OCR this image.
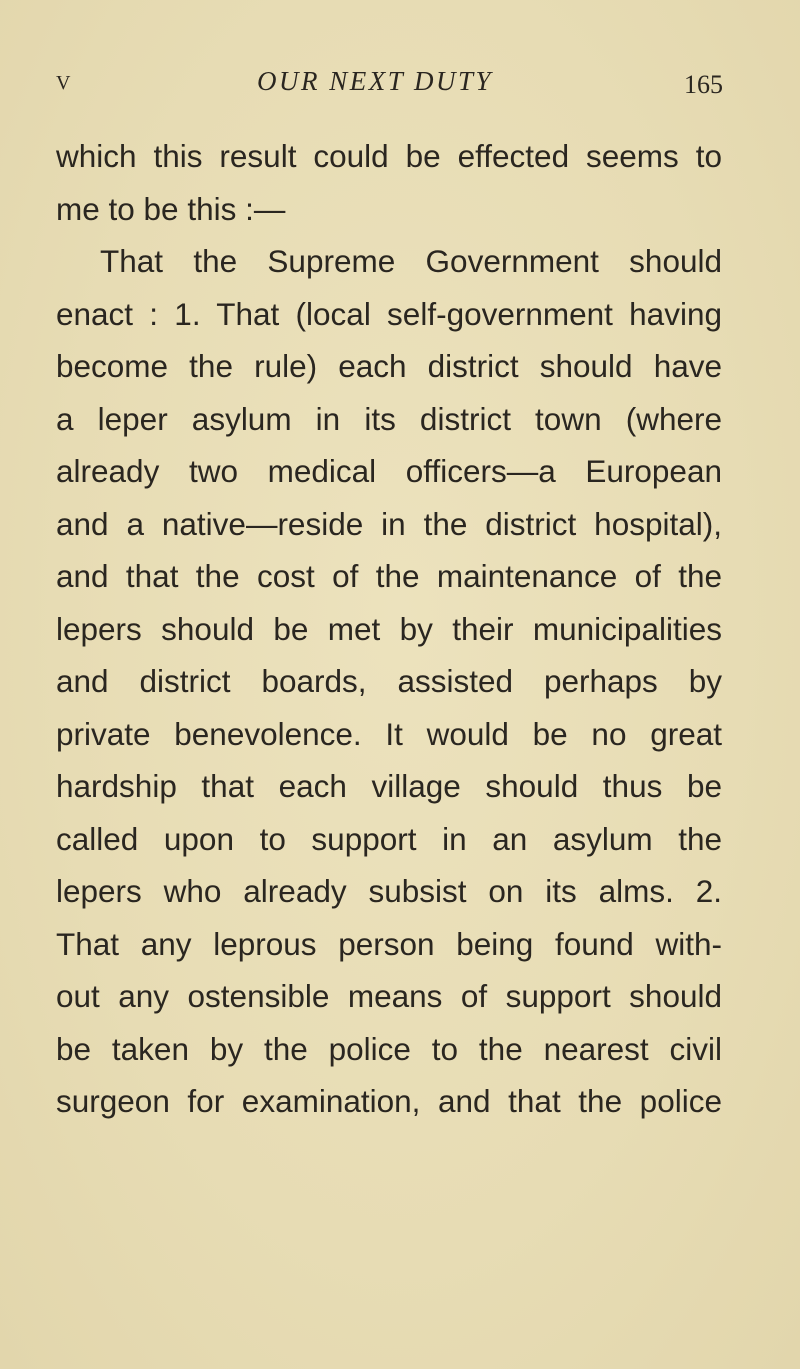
V	OUR NEXT DUTY	165
which this result could be effected seems to
me to be this :—
That the Supreme Government should
enact : 1. That (local self-government having
become the rule) each district should have
a leper asylum in its district town (where
already two medical officers—a European
and a native—reside in the district hospital),
and that the cost of the maintenance of the
lepers should be met by their municipalities
and district boards, assisted perhaps by
private benevolence. It would be no great
hardship that each village should thus be
called upon to support in an asylum the
lepers who already subsist on its alms. 2.
That any leprous person being found with-
out any ostensible means of support should
be taken by the police to the nearest civil
surgeon for examination, and that the police
